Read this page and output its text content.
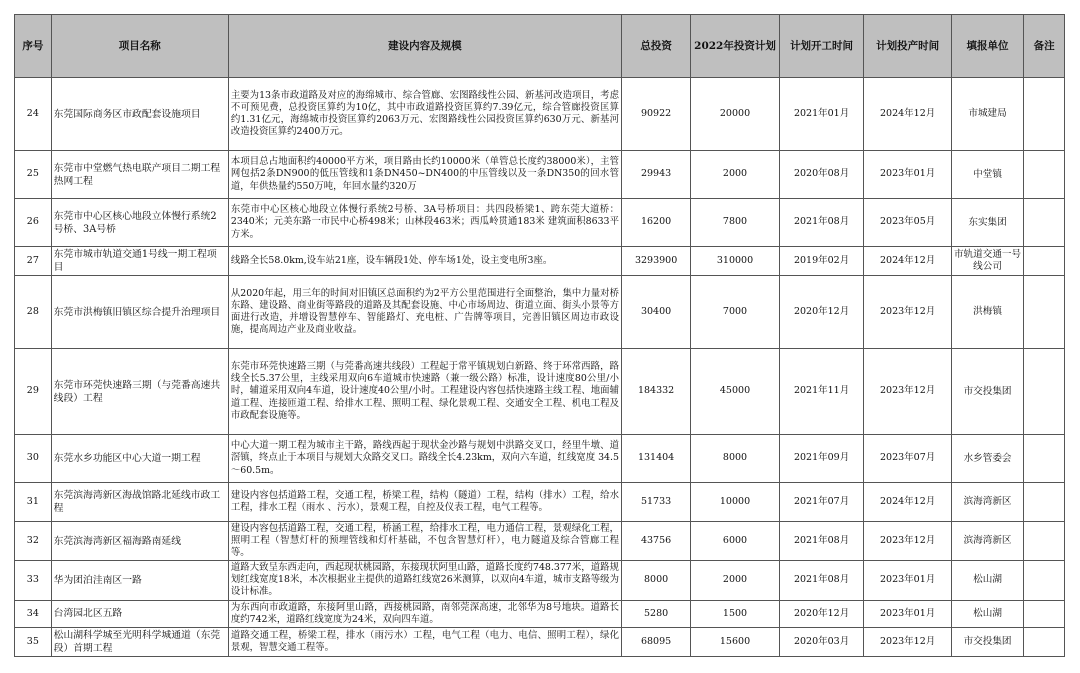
序号	项目名称	建设内容及规模	总投资	2022年投资计划	计划开工时间	计划投产时间	填报单位	备注
24	东莞国际商务区市政配套设施项目	主要为13条市政道路及对应的海绵城市、综合管廊、宏图路线性公园、新基河改造项目，考虑不可预见费，总投资匡算约为10亿，其中市政道路投资匡算约7.39亿元，综合管廊投资匡算约1.31亿元，海绵城市投资匡算约2063万元、宏图路线性公园投资匡算约630万元、新基河改造投资匡算约2400万元。	90922	20000	2021年01月	2024年12月	市城建局	
25	东莞市中堂燃气热电联产项目二期工程热网工程	本项目总占地面积约40000平方米，项目路由长约10000米（单管总长度约38000米），主管网包括2条DN900的低压管线和1条DN450~DN400的中压管线以及一条DN350的回水管道，年供热量约550万吨，年回水量约320万	29943	2000	2020年08月	2023年01月	中堂镇	
26	东莞市中心区核心地段立体慢行系统2号桥、3A号桥	东莞市中心区核心地段立体慢行系统2号桥、3A号桥项目：共四段桥梁1、跨东莞大道桥：2340米；元美东路一市民中心桥498米；山林段463米；西瓜岭贯通183米 建筑面积8633平方米。	16200	7800	2021年08月	2023年05月	东实集团	
27	东莞市城市轨道交通1号线一期工程项目	线路全长58.0km,设车站21座，设车辆段1处、停车场1处，设主变电所3座。	3293900	310000	2019年02月	2024年12月	市轨道交通一号线公司	
28	东莞市洪梅镇旧镇区综合提升治理项目	从2020年起，用三年的时间对旧镇区总面积约为2平方公里范围进行全面整治，集中力量对桥东路、建设路、商业街等路段的道路及其配套设施、中心市场周边、街道立面、街头小景等方面进行改造，并增设智慧停车、智能路灯、充电桩、广告牌等项目，完善旧镇区周边市政设施，提高周边产业及商业收益。	30400	7000	2020年12月	2023年12月	洪梅镇	
29	东莞市环莞快速路三期（与莞番高速共线段）工程	东莞市环莞快速路三期（与莞番高速共线段）工程起于常平镇规划白新路、终于环常西路，路线全长5.37公里，主线采用双向6车道城市快速路（兼一级公路）标准，设计速度80公里/小时，辅道采用双向4车道，设计速度40公里/小时。工程建设内容包括快速路主线工程、地面辅道工程、连接匝道工程、给排水工程、照明工程、绿化景观工程、交通安全工程、机电工程及市政配套设施等。	184332	45000	2021年11月	2023年12月	市交投集团	
30	东莞水乡功能区中心大道一期工程	中心大道一期工程为城市主干路，路线西起于现状金沙路与规划中洪路交叉口，经里牛墩、道滘镇，终点止于本项目与规划大众路交叉口。路线全长4.23km，双向六车道，红线宽度 34.5～60.5m。	131404	8000	2021年09月	2023年07月	水乡管委会	
31	东莞滨海湾新区海战馆路北延线市政工程	建设内容包括道路工程，交通工程，桥梁工程，结构（隧道）工程，结构（排水）工程，给水工程，排水工程（雨水 、污水），景观工程，自控及仪表工程，电气工程等。	51733	10000	2021年07月	2024年12月	滨海湾新区	
32	东莞滨海湾新区福海路南延线	建设内容包括道路工程，交通工程，桥涵工程，给排水工程，电力通信工程，景观绿化工程，照明工程（智慧灯杆的预埋管线和灯杆基础，不包含智慧灯杆），电力隧道及综合管廊工程等。	43756	6000	2021年08月	2023年12月	滨海湾新区	
33	华为团泊洼南区一路	道路大致呈东西走向，西起现状桃园路，东接现状阿里山路，道路长度约748.377米，道路规划红线宽度18米，本次根据业主提供的道路红线宽26米测算，以双向4车道，城市支路等级为设计标准。	8000	2000	2021年08月	2023年01月	松山湖	
34	台湾园北区五路	为东西向市政道路，东接阿里山路，西接桃园路，南邻莞深高速，北邻华为8号地块。道路长度约742米，道路红线宽度为24米，双向四车道。	5280	1500	2020年12月	2023年01月	松山湖	
35	松山湖科学城至光明科学城通道（东莞段）首期工程	道路交通工程，桥梁工程，排水（雨污水）工程，电气工程（电力、电信、照明工程），绿化景观，智慧交通工程等。	68095	15600	2020年03月	2023年12月	市交投集团	
